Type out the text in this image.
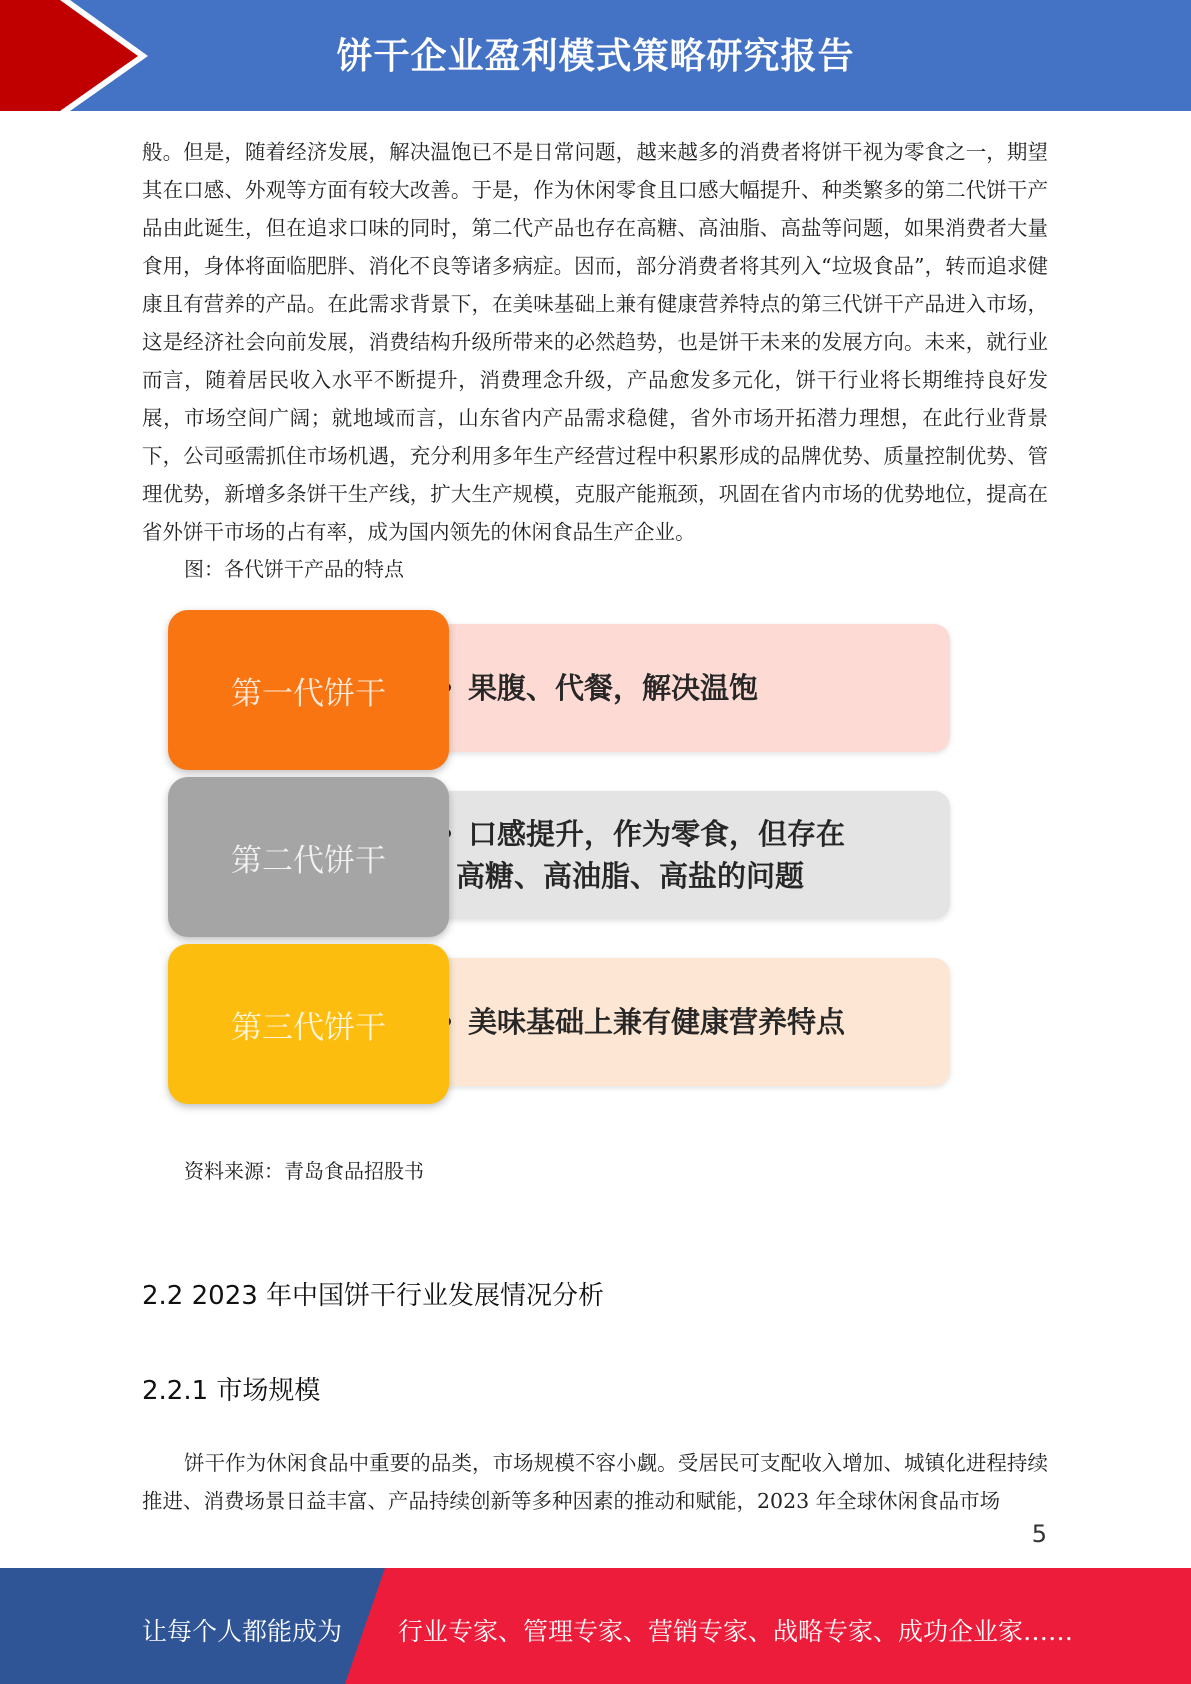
饼干企业盈利模式策略研究报告
般。但是，随着经济发展，解决温饱已不是日常问题，越来越多的消费者将饼干视为零食之一，期望其在口感、外观等方面有较大改善。于是，作为休闲零食且口感大幅提升、种类繁多的第二代饼干产品由此诞生，但在追求口味的同时，第二代产品也存在高糖、高油脂、高盐等问题，如果消费者大量食用，身体将面临肥胖、消化不良等诸多病症。因而，部分消费者将其列入“垃圾食品”，转而追求健康且有营养的产品。在此需求背景下，在美味基础上兼有健康营养特点的第三代饼干产品进入市场，这是经济社会向前发展，消费结构升级所带来的必然趋势，也是饼干未来的发展方向。未来，就行业而言，随着居民收入水平不断提升，消费理念升级，产品愈发多元化，饼干行业将长期维持良好发展，市场空间广阔；就地域而言，山东省内产品需求稳健，省外市场开拓潜力理想，在此行业背景下，公司亟需抓住市场机遇，充分利用多年生产经营过程中积累形成的品牌优势、质量控制优势、管理优势，新增多条饼干生产线，扩大生产规模，克服产能瓶颈，巩固在省内市场的优势地位，提高在省外饼干市场的占有率，成为国内领先的休闲食品生产企业。
图：各代饼干产品的特点
果腹、代餐，解决温饱
第一代饼干
口感提升，作为零食，但存在
高糖、高油脂、高盐的问题
第二代饼干
美味基础上兼有健康营养特点
第三代饼干
资料来源：青岛食品招股书
2.2 2023 年中国饼干行业发展情况分析
2.2.1 市场规模
饼干作为休闲食品中重要的品类，市场规模不容小觑。受居民可支配收入增加、城镇化进程持续推进、消费场景日益丰富、产品持续创新等多种因素的推动和赋能，2023 年全球休闲食品市场
5
让每个人都能成为 行业专家、管理专家、营销专家、战略专家、成功企业家……
